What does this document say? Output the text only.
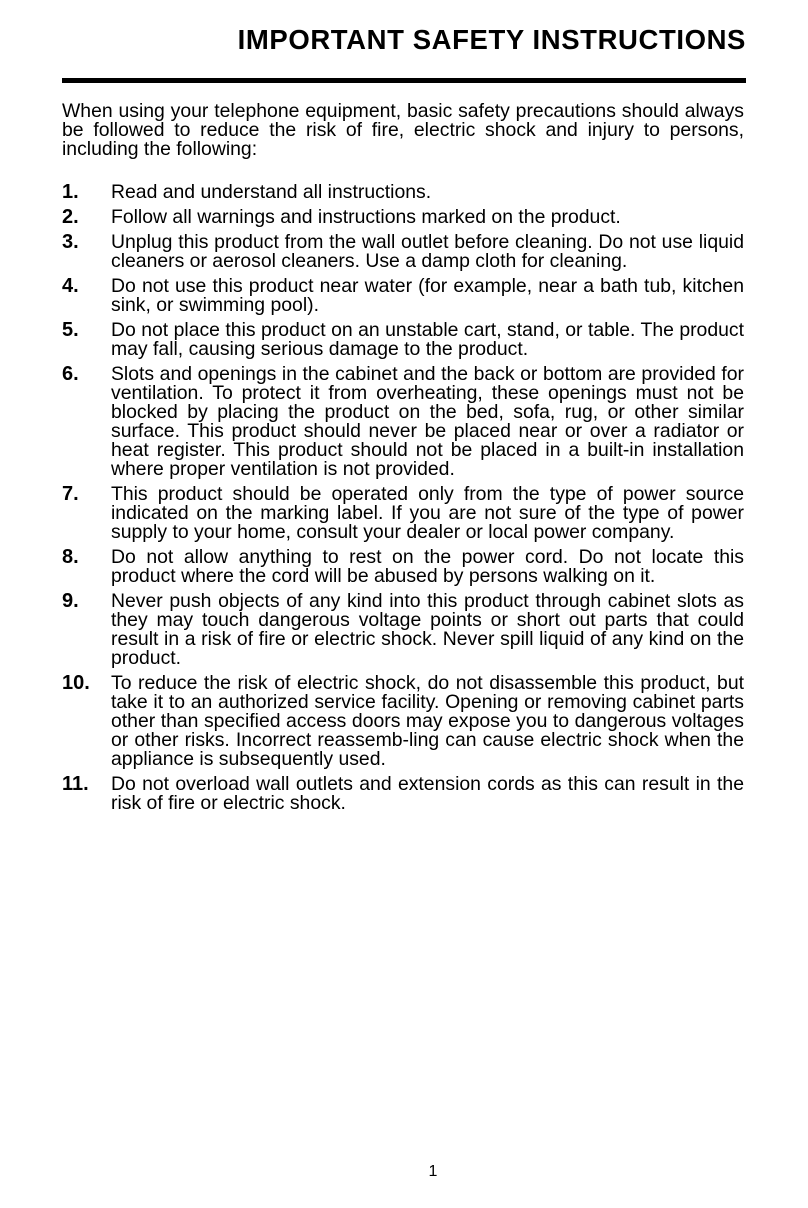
IMPORTANT SAFETY INSTRUCTIONS

When using your telephone equipment, basic safety precautions should always be followed to reduce the risk of fire, electric shock and injury to persons, including the following:

1. Read and understand all instructions.
2. Follow all warnings and instructions marked on the product.
3. Unplug this product from the wall outlet before cleaning. Do not use liquid cleaners or aerosol cleaners. Use a damp cloth for cleaning.
4. Do not use this product near water (for example, near a bath tub, kitchen sink, or swimming pool).
5. Do not place this product on an unstable cart, stand, or table. The product may fall, causing serious damage to the product.
6. Slots and openings in the cabinet and the back or bottom are provided for ventilation. To protect it from overheating, these openings must not be blocked by placing the product on the bed, sofa, rug, or other similar surface. This product should never be placed near or over a radiator or heat register. This product should not be placed in a built-in installation where proper ventilation is not provided.
7. This product should be operated only from the type of power source indicated on the marking label. If you are not sure of the type of power supply to your home, consult your dealer or local power company.
8. Do not allow anything to rest on the power cord. Do not locate this product where the cord will be abused by persons walking on it.
9. Never push objects of any kind into this product through cabinet slots as they may touch dangerous voltage points or short out parts that could result in a risk of fire or electric shock. Never spill liquid of any kind on the product.
10. To reduce the risk of electric shock, do not disassemble this product, but take it to an authorized service facility. Opening or removing cabinet parts other than specified access doors may expose you to dangerous voltages or other risks. Incorrect reassemb-ling can cause electric shock when the appliance is subsequently used.
11. Do not overload wall outlets and extension cords as this can result in the risk of fire or electric shock.
1
